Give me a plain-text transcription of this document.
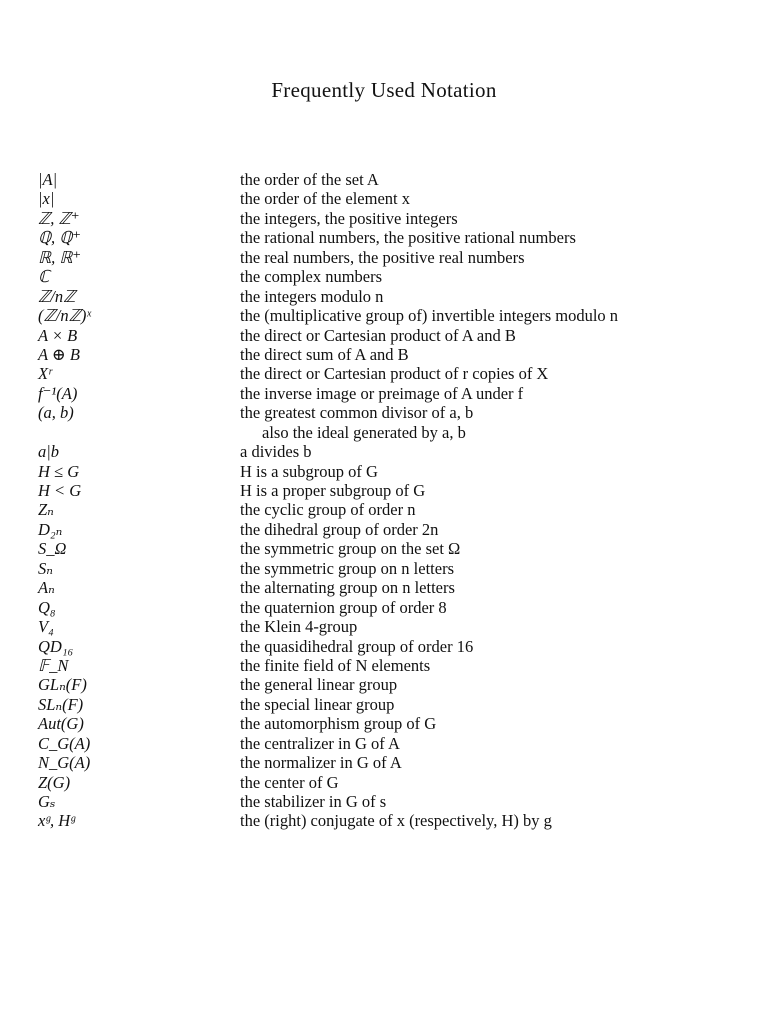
Frequently Used Notation
|A|	the order of the set A
|x|	the order of the element x
ℤ, ℤ⁺	the integers, the positive integers
ℚ, ℚ⁺	the rational numbers, the positive rational numbers
ℝ, ℝ⁺	the real numbers, the positive real numbers
ℂ	the complex numbers
ℤ/nℤ	the integers modulo n
(ℤ/nℤ)ˣ	the (multiplicative group of) invertible integers modulo n
A × B	the direct or Cartesian product of A and B
A ⊕ B	the direct sum of A and B
Xʳ	the direct or Cartesian product of r copies of X
f⁻¹(A)	the inverse image or preimage of A under f
(a, b)	the greatest common divisor of a, b
also the ideal generated by a, b
a|b	a divides b
H ≤ G	H is a subgroup of G
H < G	H is a proper subgroup of G
Zₙ	the cyclic group of order n
D₂ₙ	the dihedral group of order 2n
S_Ω	the symmetric group on the set Ω
Sₙ	the symmetric group on n letters
Aₙ	the alternating group on n letters
Q₈	the quaternion group of order 8
V₄	the Klein 4-group
QD₁₆	the quasidihedral group of order 16
𝔽_N	the finite field of N elements
GLₙ(F)	the general linear group
SLₙ(F)	the special linear group
Aut(G)	the automorphism group of G
C_G(A)	the centralizer in G of A
N_G(A)	the normalizer in G of A
Z(G)	the center of G
Gₛ	the stabilizer in G of s
xᵍ, Hᵍ	the (right) conjugate of x (respectively, H) by g
